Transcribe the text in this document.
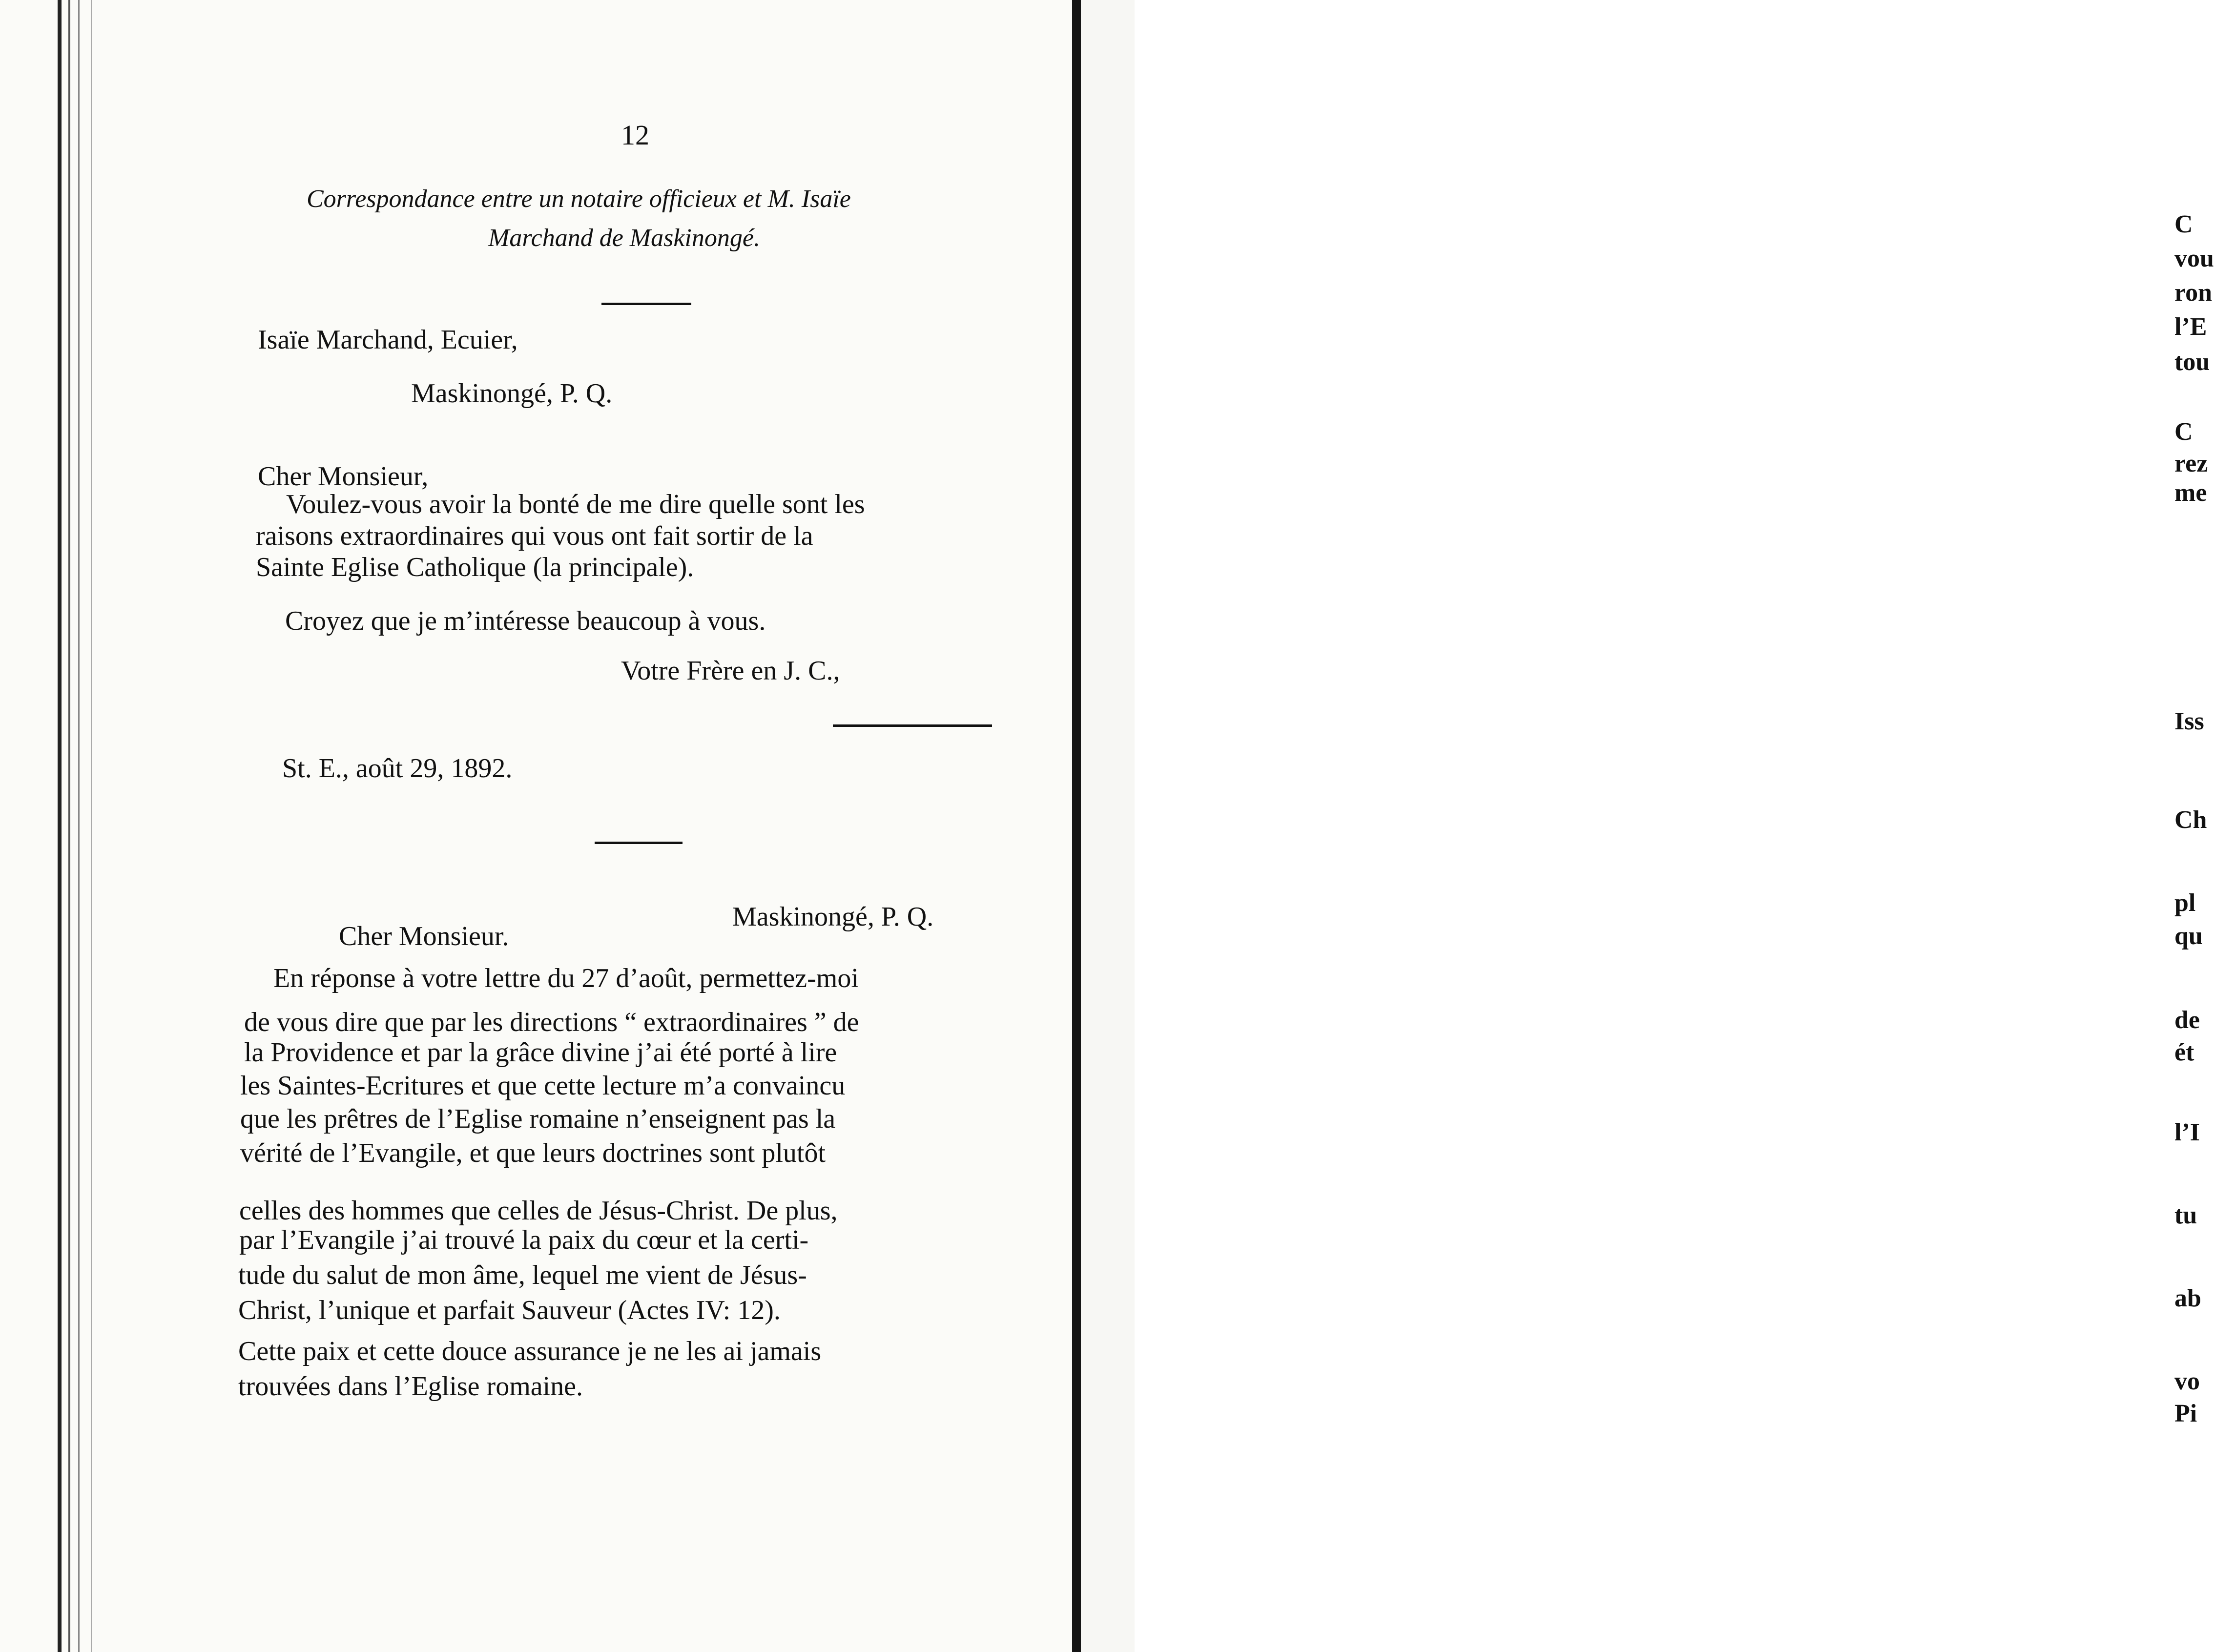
12
Correspondance entre un notaire officieux et M. Isaïe
Marchand de Maskinongé.
Isaïe Marchand, Ecuier,
Maskinongé, P. Q.
Cher Monsieur,
Voulez-vous avoir la bonté de me dire quelle sont les
raisons extraordinaires qui vous ont fait sortir de la
Sainte Eglise Catholique (la principale).
Croyez que je m’intéresse beaucoup à vous.
Votre Frère en J. C.,
St. E., août 29, 1892.
Maskinongé, P. Q.
Cher Monsieur.
En réponse à votre lettre du 27 d’août, permettez-moi
de vous dire que par les directions “ extraordinaires ” de
la Providence et par la grâce divine j’ai été porté à lire
les Saintes-Ecritures et que cette lecture m’a convaincu
que les prêtres de l’Eglise romaine n’enseignent pas la
vérité de l’Evangile, et que leurs doctrines sont plutôt
celles des hommes que celles de Jésus-Christ. De plus,
par l’Evangile j’ai trouvé la paix du cœur et la certi-
tude du salut de mon âme, lequel me vient de Jésus-
Christ, l’unique et parfait Sauveur (Actes IV: 12).
Cette paix et cette douce assurance je ne les ai jamais
trouvées dans l’Eglise romaine.
C
vou
ron
l’E
tou
C
rez
me
Iss
Ch
pl
qu
de
ét
l’I
tu
ab
vo
Pi
